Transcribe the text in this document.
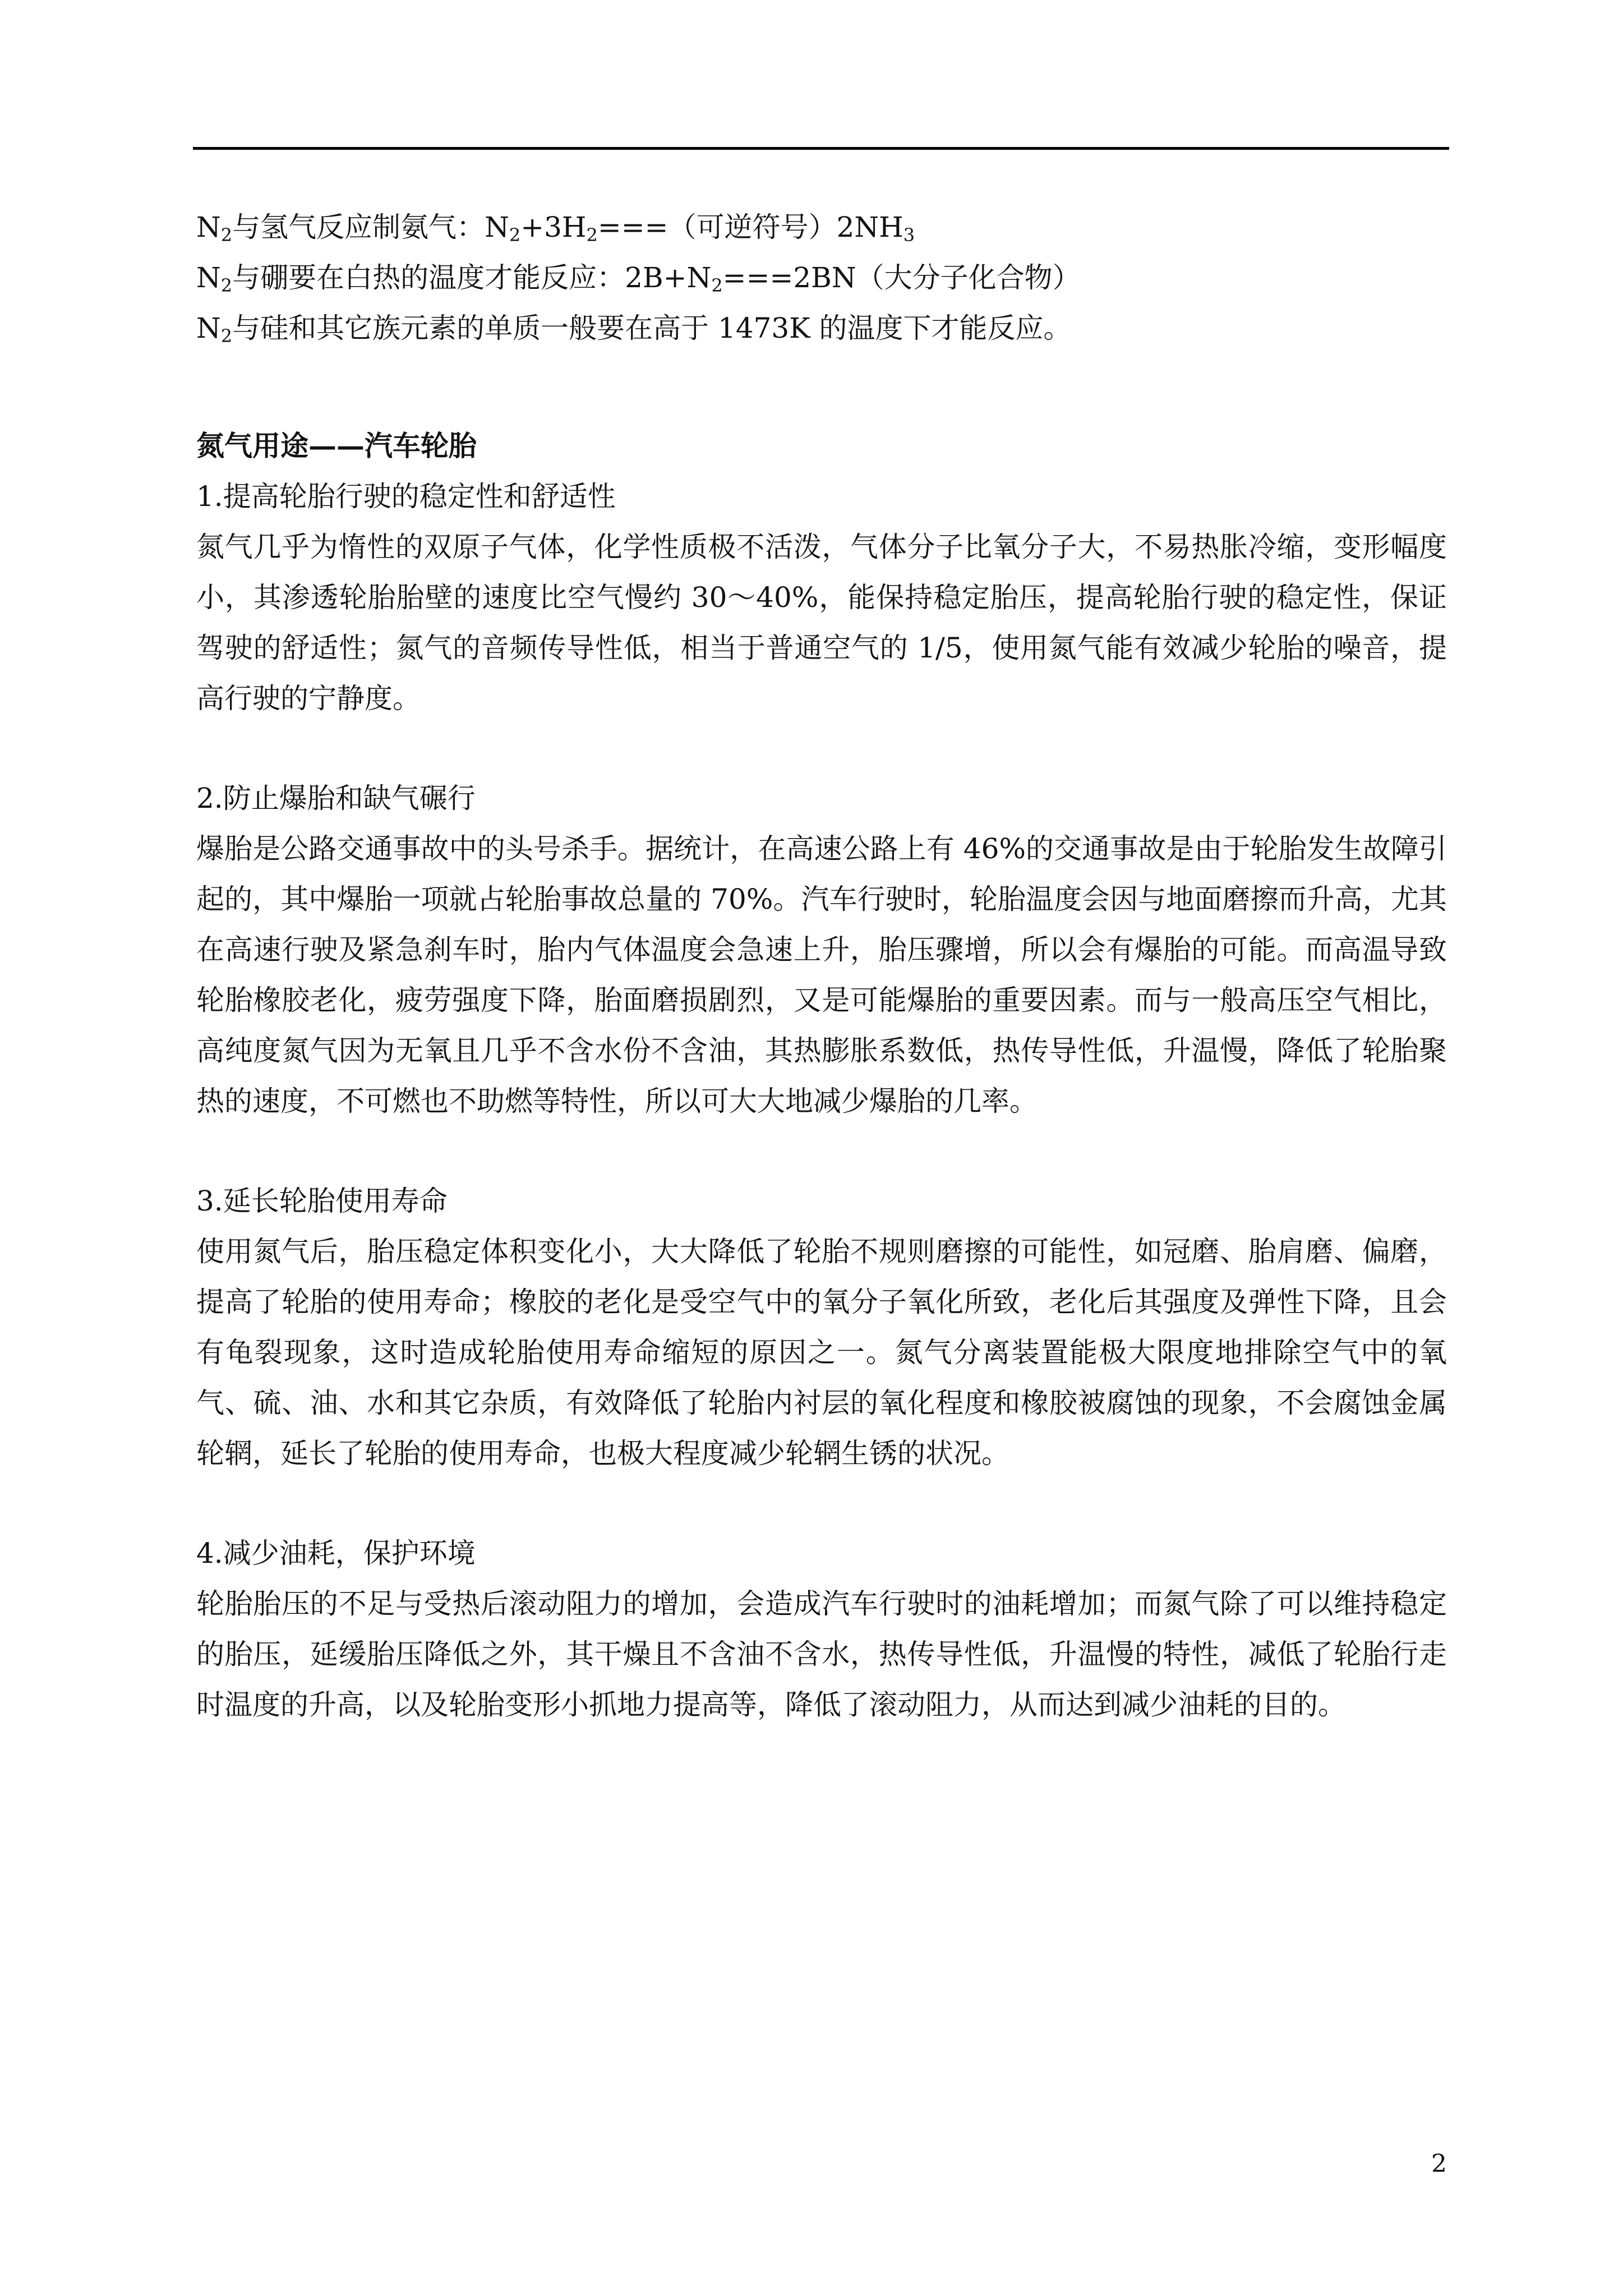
$N_2$与氢气反应制氨气：$N_2+3H_2===$（可逆符号）$2NH_3$
$N_2$与硼要在白热的温度才能反应：$2B+N_2===2BN$（大分子化合物）
$N_2$与硅和其它族元素的单质一般要在高于 1473K 的温度下才能反应。
氮气用途——汽车轮胎
1.提高轮胎行驶的稳定性和舒适性

氮气几乎为惰性的双原子气体，化学性质极不活泼，气体分子比氧分子大，不易热胀冷缩，变形幅度小，其渗透轮胎胎壁的速度比空气慢约 30～40%，能保持稳定胎压，提高轮胎行驶的稳定性，保证驾驶的舒适性；氮气的音频传导性低，相当于普通空气的 1/5，使用氮气能有效减少轮胎的噪音，提高行驶的宁静度。

2.防止爆胎和缺气碾行

爆胎是公路交通事故中的头号杀手。据统计，在高速公路上有 46%的交通事故是由于轮胎发生故障引起的，其中爆胎一项就占轮胎事故总量的 70%。汽车行驶时，轮胎温度会因与地面磨擦而升高，尤其在高速行驶及紧急刹车时，胎内气体温度会急速上升，胎压骤增，所以会有爆胎的可能。而高温导致轮胎橡胶老化，疲劳强度下降，胎面磨损剧烈，又是可能爆胎的重要因素。而与一般高压空气相比，高纯度氮气因为无氧且几乎不含水份不含油，其热膨胀系数低，热传导性低，升温慢，降低了轮胎聚热的速度，不可燃也不助燃等特性，所以可大大地减少爆胎的几率。

3.延长轮胎使用寿命

使用氮气后，胎压稳定体积变化小，大大降低了轮胎不规则磨擦的可能性，如冠磨、胎肩磨、偏磨，提高了轮胎的使用寿命；橡胶的老化是受空气中的氧分子氧化所致，老化后其强度及弹性下降，且会有龟裂现象，这时造成轮胎使用寿命缩短的原因之一。氮气分离装置能极大限度地排除空气中的氧气、硫、油、水和其它杂质，有效降低了轮胎内衬层的氧化程度和橡胶被腐蚀的现象，不会腐蚀金属轮辋，延长了轮胎的使用寿命，也极大程度减少轮辋生锈的状况。

4.减少油耗，保护环境

轮胎胎压的不足与受热后滚动阻力的增加，会造成汽车行驶时的油耗增加；而氮气除了可以维持稳定的胎压，延缓胎压降低之外，其干燥且不含油不含水，热传导性低，升温慢的特性，减低了轮胎行走时温度的升高，以及轮胎变形小抓地力提高等，降低了滚动阻力，从而达到减少油耗的目的。

2
